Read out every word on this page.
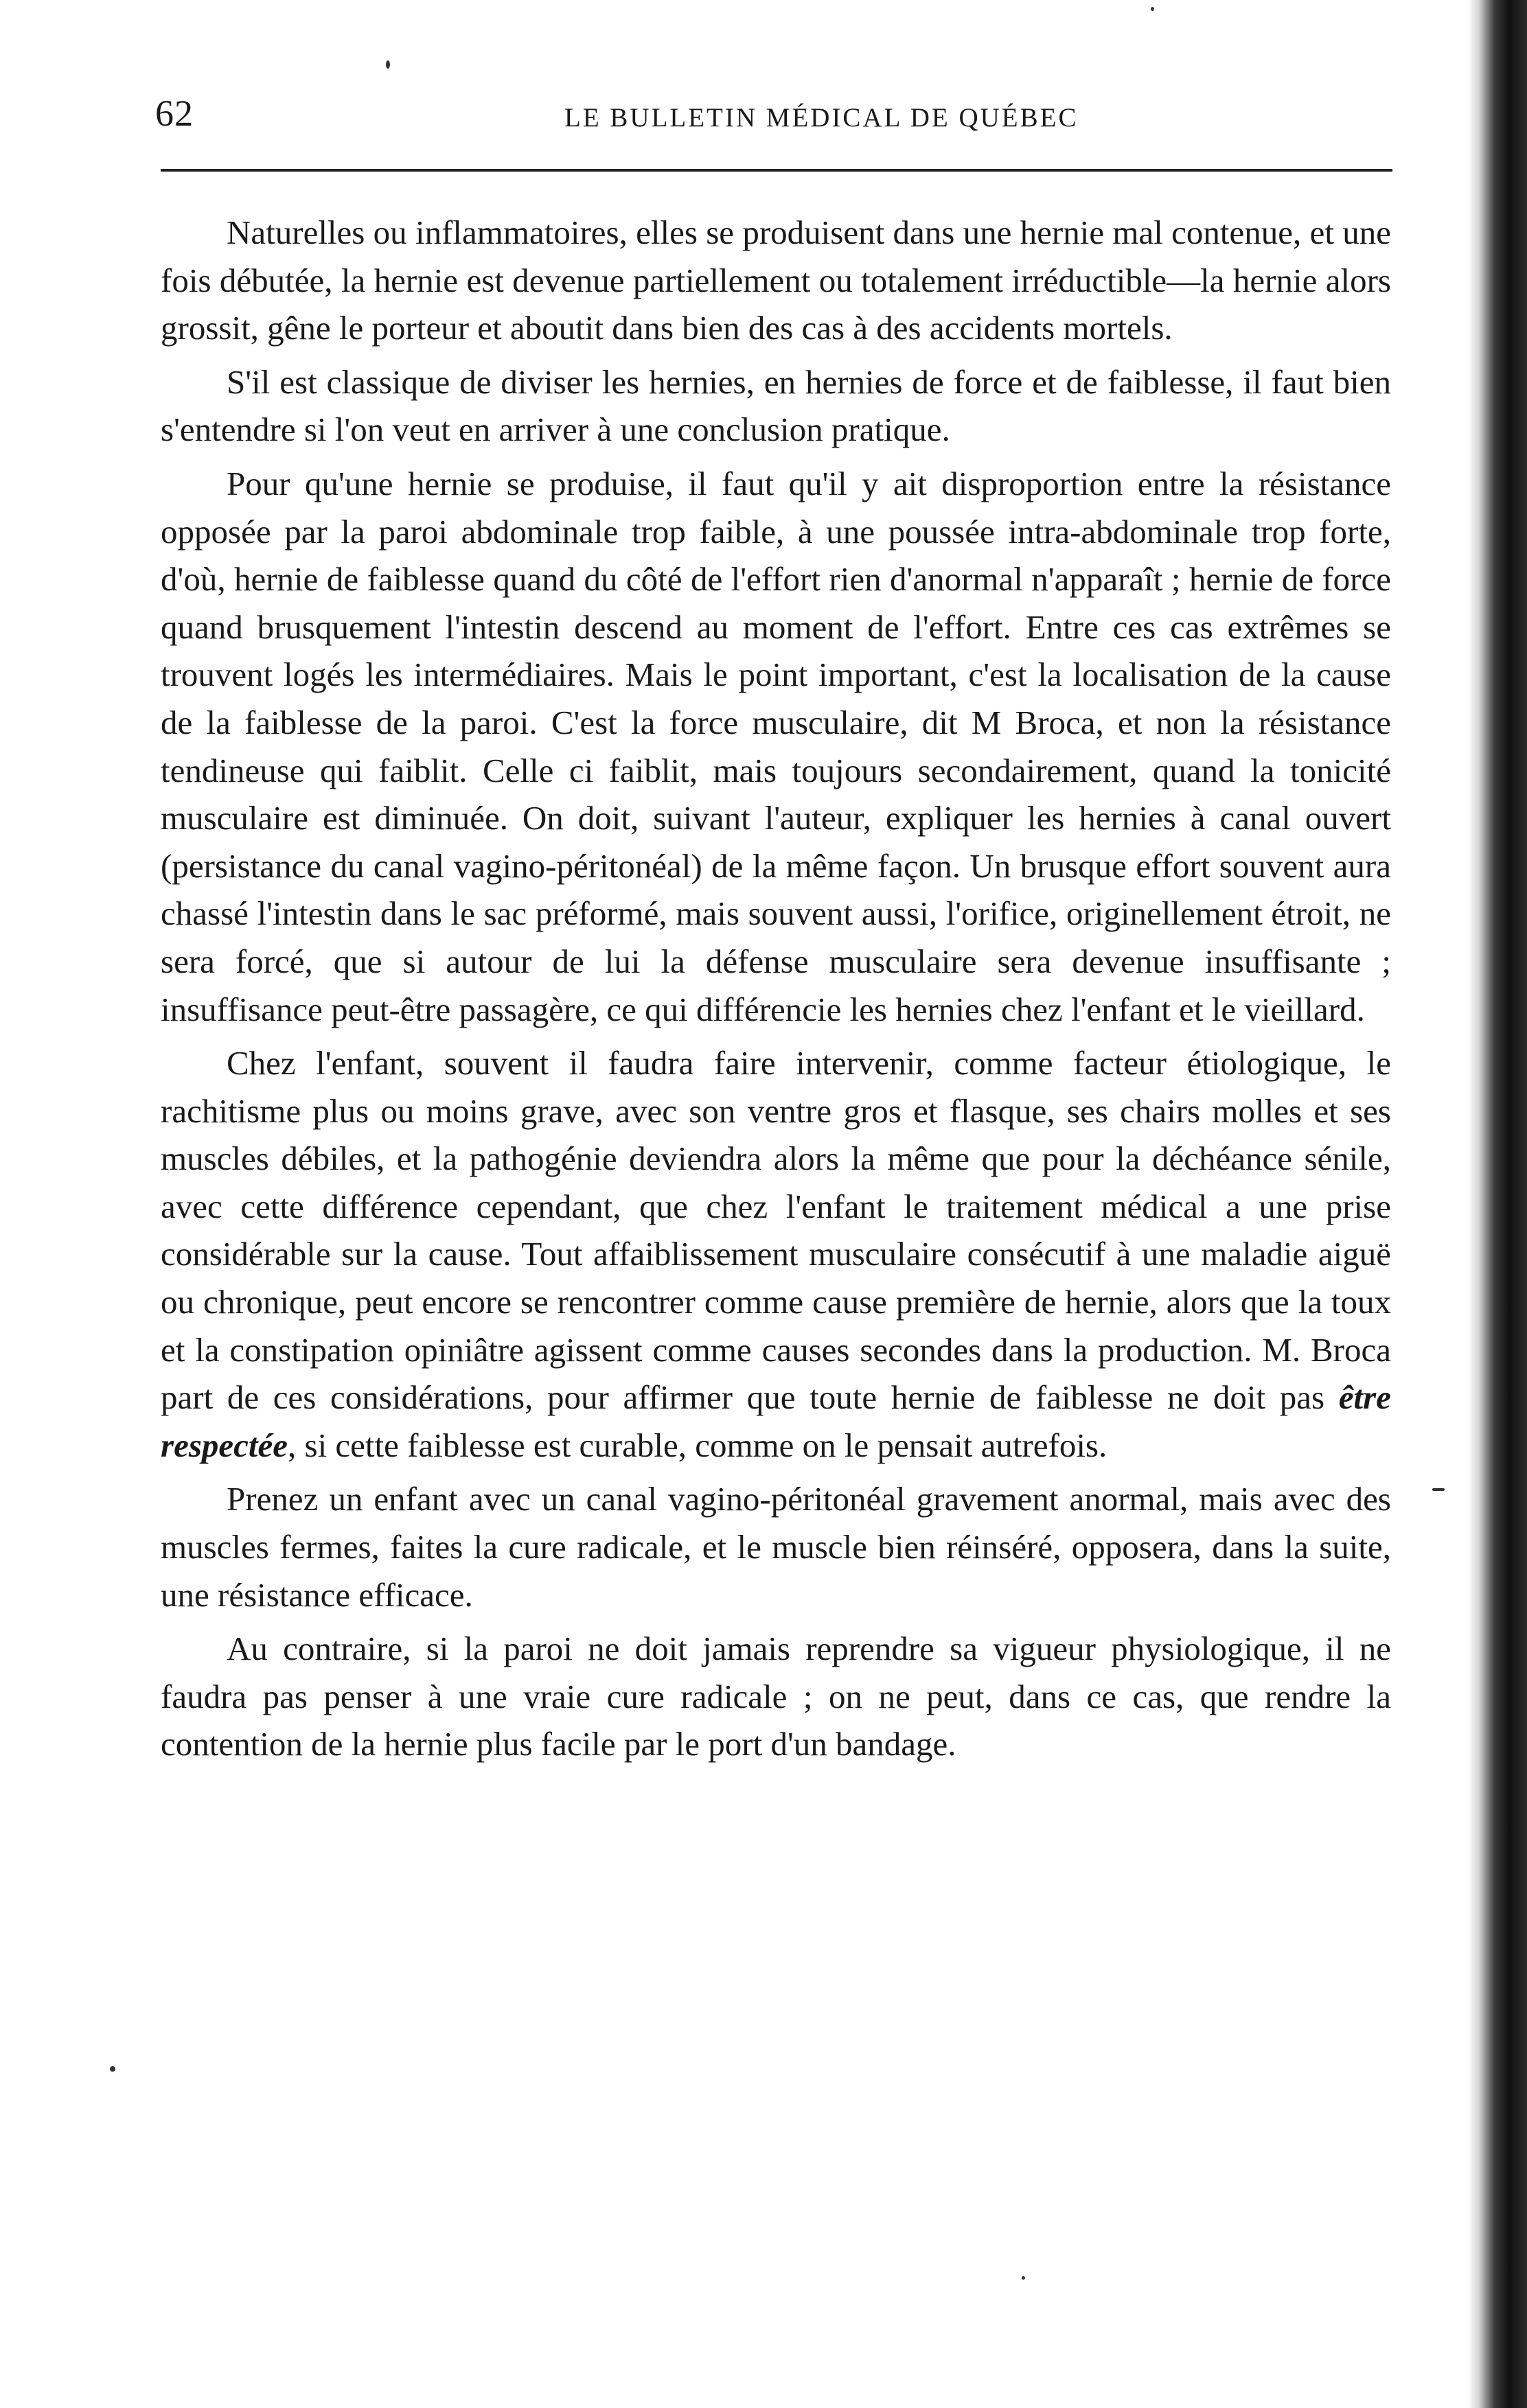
62	LE BULLETIN MÉDICAL DE QUÉBEC

Naturelles ou inflammatoires, elles se produisent dans une hernie mal contenue, et une fois débutée, la hernie est devenue partiellement ou totalement irréductible—la hernie alors grossit, gêne le porteur et aboutit dans bien des cas à des accidents mortels.

S'il est classique de diviser les hernies, en hernies de force et de faiblesse, il faut bien s'entendre si l'on veut en arriver à une conclusion pratique.

Pour qu'une hernie se produise, il faut qu'il y ait disproportion entre la résistance opposée par la paroi abdominale trop faible, à une poussée intra-abdominale trop forte, d'où, hernie de faiblesse quand du côté de l'effort rien d'anormal n'apparaît ; hernie de force quand brusquement l'intestin descend au moment de l'effort. Entre ces cas extrêmes se trouvent logés les intermédiaires. Mais le point important, c'est la localisation de la cause de la faiblesse de la paroi. C'est la force musculaire, dit M Broca, et non la résistance tendineuse qui faiblit. Celle ci faiblit, mais toujours secondairement, quand la tonicité musculaire est diminuée. On doit, suivant l'auteur, expliquer les hernies à canal ouvert (persistance du canal vagino-péritonéal) de la même façon. Un brusque effort souvent aura chassé l'intestin dans le sac préformé, mais souvent aussi, l'orifice, originellement étroit, ne sera forcé, que si autour de lui la défense musculaire sera devenue insuffisante ; insuffisance peut-être passagère, ce qui différencie les hernies chez l'enfant et le vieillard.

Chez l'enfant, souvent il faudra faire intervenir, comme facteur étiologique, le rachitisme plus ou moins grave, avec son ventre gros et flasque, ses chairs molles et ses muscles débiles, et la pathogénie deviendra alors la même que pour la déchéance sénile, avec cette différence cependant, que chez l'enfant le traitement médical a une prise considérable sur la cause. Tout affaiblissement musculaire consécutif à une maladie aiguë ou chronique, peut encore se rencontrer comme cause première de hernie, alors que la toux et la constipation opiniâtre agissent comme causes secondes dans la production. M. Broca part de ces considérations, pour affirmer que toute hernie de faiblesse ne doit pas être respectée, si cette faiblesse est curable, comme on le pensait autrefois.

Prenez un enfant avec un canal vagino-péritonéal gravement anormal, mais avec des muscles fermes, faites la cure radicale, et le muscle bien réinséré, opposera, dans la suite, une résistance efficace.

Au contraire, si la paroi ne doit jamais reprendre sa vigueur physiologique, il ne faudra pas penser à une vraie cure radicale ; on ne peut, dans ce cas, que rendre la contention de la hernie plus facile par le port d'un bandage.
